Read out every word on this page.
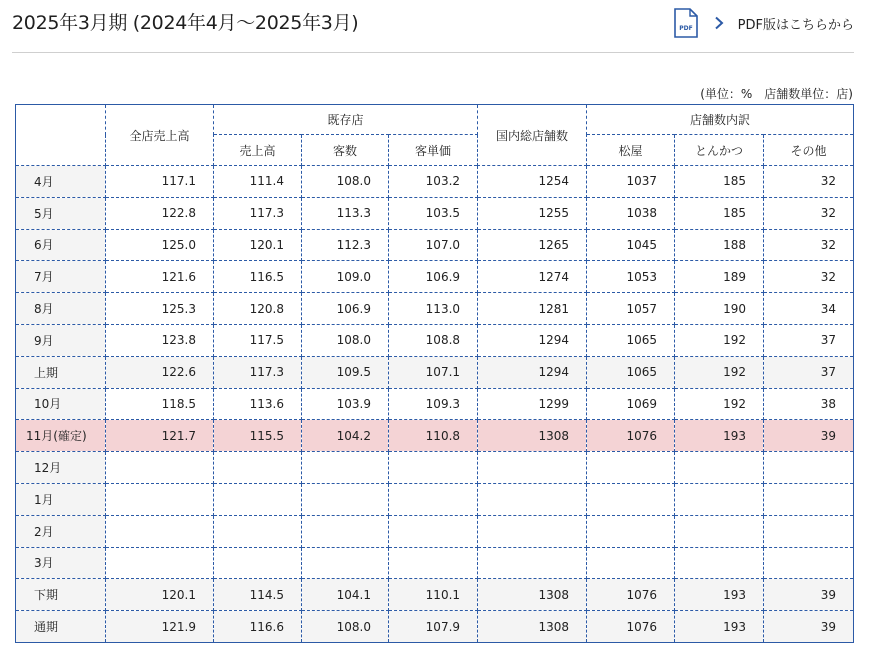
2025年3月期 (2024年4月～2025年3月)	PDF	PDF版はこちらから
(単位：%　店舗数単位：店)
	全店売上高	既存店			国内総店舗数	店舗数内訳		
		売上高	客数	客単価		松屋	とんかつ	その他
4月	117.1	111.4	108.0	103.2	1254	1037	185	32
5月	122.8	117.3	113.3	103.5	1255	1038	185	32
6月	125.0	120.1	112.3	107.0	1265	1045	188	32
7月	121.6	116.5	109.0	106.9	1274	1053	189	32
8月	125.3	120.8	106.9	113.0	1281	1057	190	34
9月	123.8	117.5	108.0	108.8	1294	1065	192	37
上期	122.6	117.3	109.5	107.1	1294	1065	192	37
10月	118.5	113.6	103.9	109.3	1299	1069	192	38
11月(確定)	121.7	115.5	104.2	110.8	1308	1076	193	39
12月								
1月								
2月								
3月								
下期	120.1	114.5	104.1	110.1	1308	1076	193	39
通期	121.9	116.6	108.0	107.9	1308	1076	193	39
